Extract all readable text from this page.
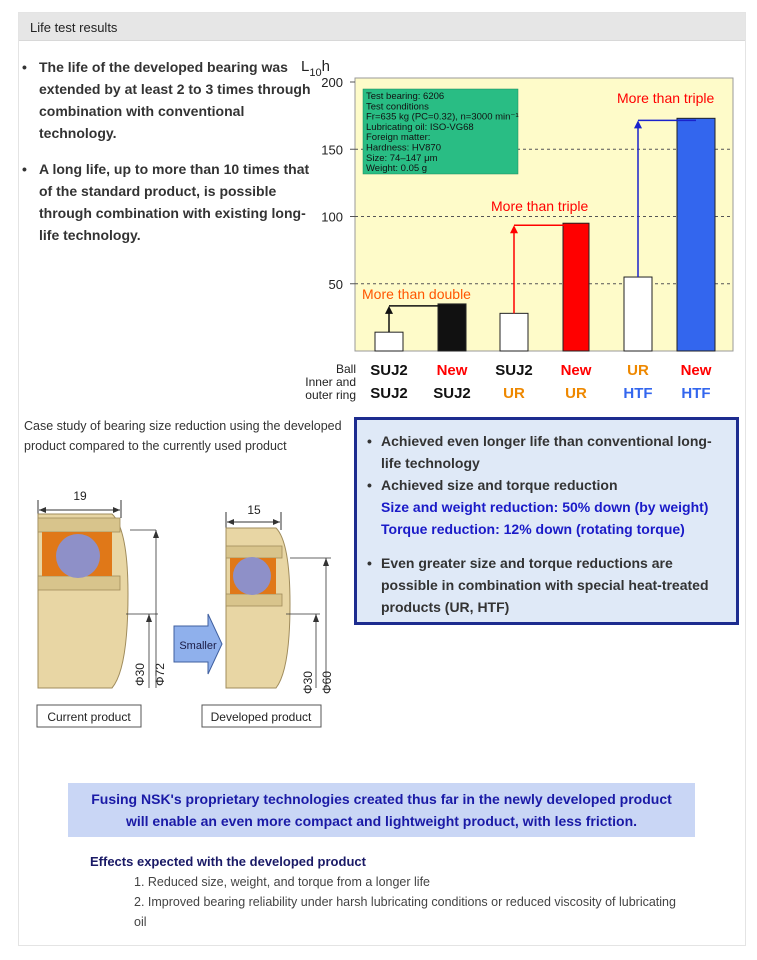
Life test results
• The life of the developed bearing was extended by at least 2 to 3 times through combination with conventional technology.
• A long life, up to more than 10 times that of the standard product, is possible through combination with existing long-life technology.
50
100
150
200
$L_{10}h$
Test bearing: 6206
Test conditions
Fr=635 kg (PC=0.32), n=3000 min⁻¹
Lubricating oil: ISO-VG68
Foreign matter:
Hardness: HV870
Size: 74–147 μm
Weight: 0.05 g
More than double
More than triple
More than triple
Ball
Inner and
outer ring
SUJ2
SUJ2
New
SUJ2
SUJ2
UR
New
UR
UR
HTF
New
HTF
Case study of bearing size reduction using the developed product compared to the currently used product
19
Φ30 Φ72
Smaller
15
Φ30 Φ60
Current product	Developed product
• Achieved even longer life than conventional long-life technology
• Achieved size and torque reduction
Size and weight reduction: 50% down (by weight)
Torque reduction: 12% down (rotating torque)
• Even greater size and torque reductions are possible in combination with special heat-treated products (UR, HTF)
Fusing NSK's proprietary technologies created thus far in the newly developed product
will enable an even more compact and lightweight product, with less friction.
Effects expected with the developed product
1. Reduced size, weight, and torque from a longer life
2. Improved bearing reliability under harsh lubricating conditions or reduced viscosity of lubricating oil
